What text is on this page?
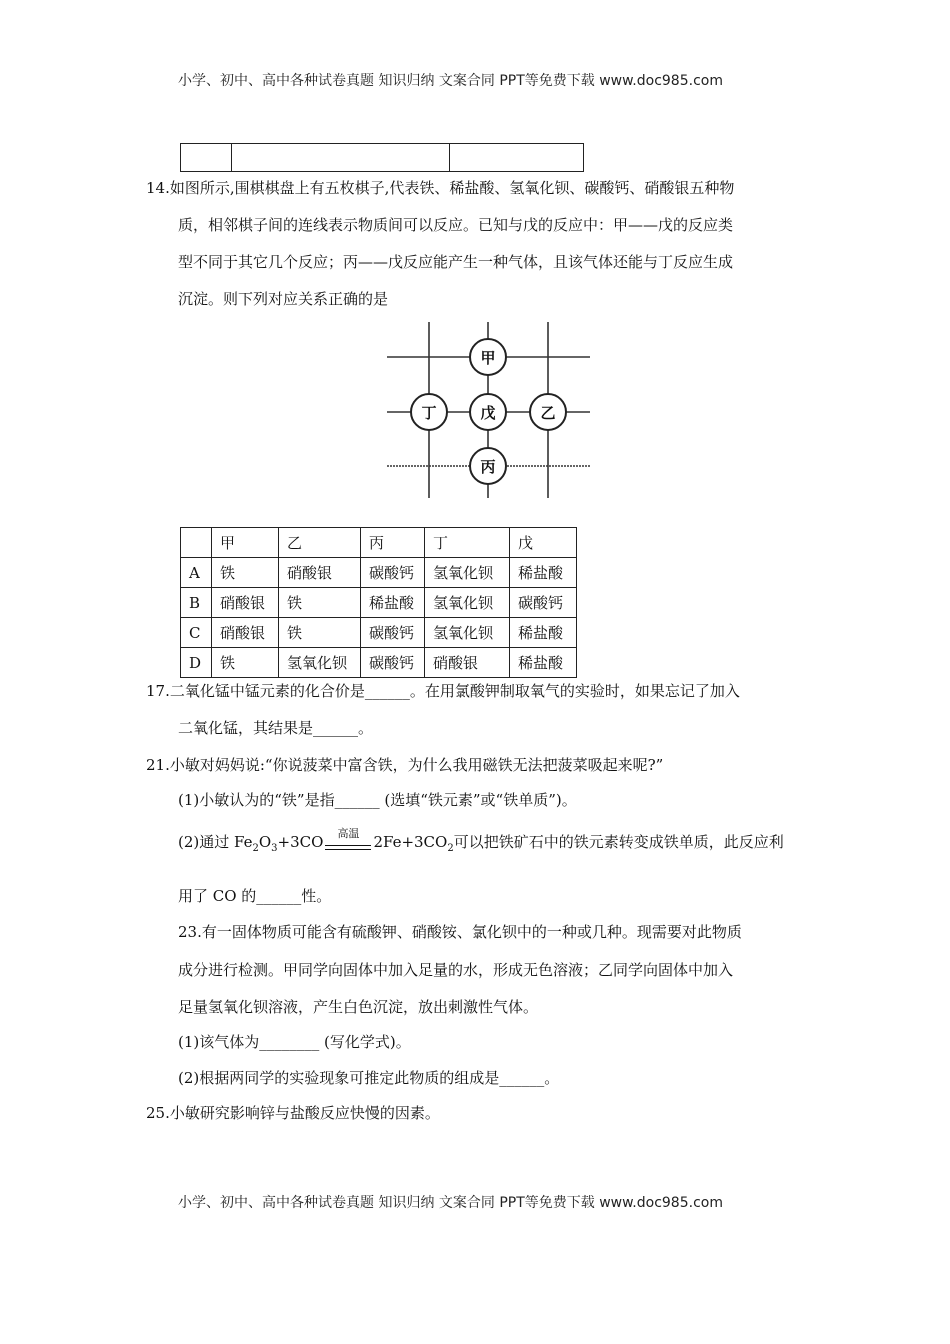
小学、初中、高中各种试卷真题 知识归纳 文案合同 PPT等免费下载 www.doc985.com

14.如图所示,围棋棋盘上有五枚棋子,代表铁、稀盐酸、氢氧化钡、碳酸钙、硝酸银五种物
质，相邻棋子间的连线表示物质间可以反应。已知与戊的反应中：甲——戊的反应类
型不同于其它几个反应；丙——戊反应能产生一种气体，且该气体还能与丁反应生成
沉淀。则下列对应关系正确的是
甲
丁	戊	乙
丙
	甲	乙	丙	丁	戊
A	铁	硝酸银	碳酸钙	氢氧化钡	稀盐酸
B	硝酸银	铁	稀盐酸	氢氧化钡	碳酸钙
C	硝酸银	铁	碳酸钙	氢氧化钡	稀盐酸
D	铁	氢氧化钡	碳酸钙	硝酸银	稀盐酸
17.二氧化锰中锰元素的化合价是______。在用氯酸钾制取氧气的实验时，如果忘记了加入
二氧化锰，其结果是______。
21.小敏对妈妈说:“你说菠菜中富含铁，为什么我用磁铁无法把菠菜吸起来呢?”
(1)小敏认为的“铁”是指______ (选填“铁元素”或“铁单质”)。
(2)通过 $Fe_2O_3+3CO$	高温 $2Fe+3CO_2$可以把铁矿石中的铁元素转变成铁单质，此反应利
用了 CO 的______性。
23.有一固体物质可能含有硫酸钾、硝酸铵、氯化钡中的一种或几种。现需要对此物质
成分进行检测。甲同学向固体中加入足量的水，形成无色溶液；乙同学向固体中加入
足量氢氧化钡溶液，产生白色沉淀，放出刺激性气体。
(1)该气体为________ (写化学式)。
(2)根据两同学的实验现象可推定此物质的组成是______。
25.小敏研究影响锌与盐酸反应快慢的因素。
小学、初中、高中各种试卷真题 知识归纳 文案合同 PPT等免费下载 www.doc985.com
